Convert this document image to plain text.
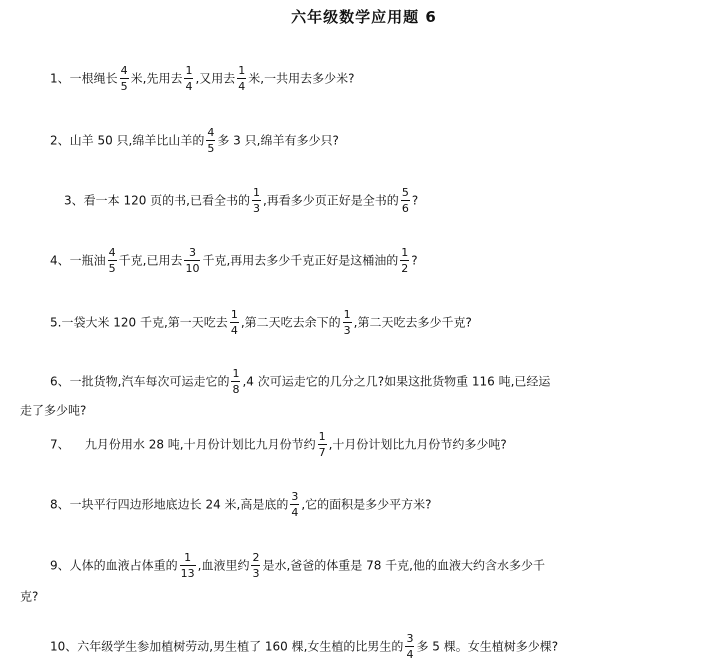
六年级数学应用题 6
1、一根绳长 $\frac{4}{5}$ 米,先用去 $\frac{1}{4}$ ,又用去 $\frac{1}{4}$ 米,一共用去多少米?
2、山羊 50 只,绵羊比山羊的 $\frac{4}{5}$ 多 3 只,绵羊有多少只?
3、看一本 120 页的书,已看全书的 $\frac{1}{3}$ ,再看多少页正好是全书的 $\frac{5}{6}$ ?
4、一瓶油 $\frac{4}{5}$ 千克,已用去 $\frac{3}{10}$ 千克,再用去多少千克正好是这桶油的 $\frac{1}{2}$ ?
5.一袋大米 120 千克,第一天吃去 $\frac{1}{4}$ ,第二天吃去余下的 $\frac{1}{3}$ ,第二天吃去多少千克?
6、一批货物,汽车每次可运走它的 $\frac{1}{8} ,4$ 次可运走它的几分之几?如果这批货物重 116 吨,已经运
走了多少吨?
7、    九月份用水 28 吨,十月份计划比九月份节约 $\frac{1}{7}$ ,十月份计划比九月份节约多少吨?
8、一块平行四边形地底边长 24 米,高是底的 $\frac{3}{4}$ ,它的面积是多少平方米?
9、人体的血液占体重的 $\frac{1}{13}$ ,血液里约 $\frac{2}{3}$ 是水,爸爸的体重是 78 千克,他的血液大约含水多少千
克?
10、六年级学生参加植树劳动,男生植了 160 棵,女生植的比男生的 $\frac{3}{4}$ 多 5 棵。女生植树多少棵?
